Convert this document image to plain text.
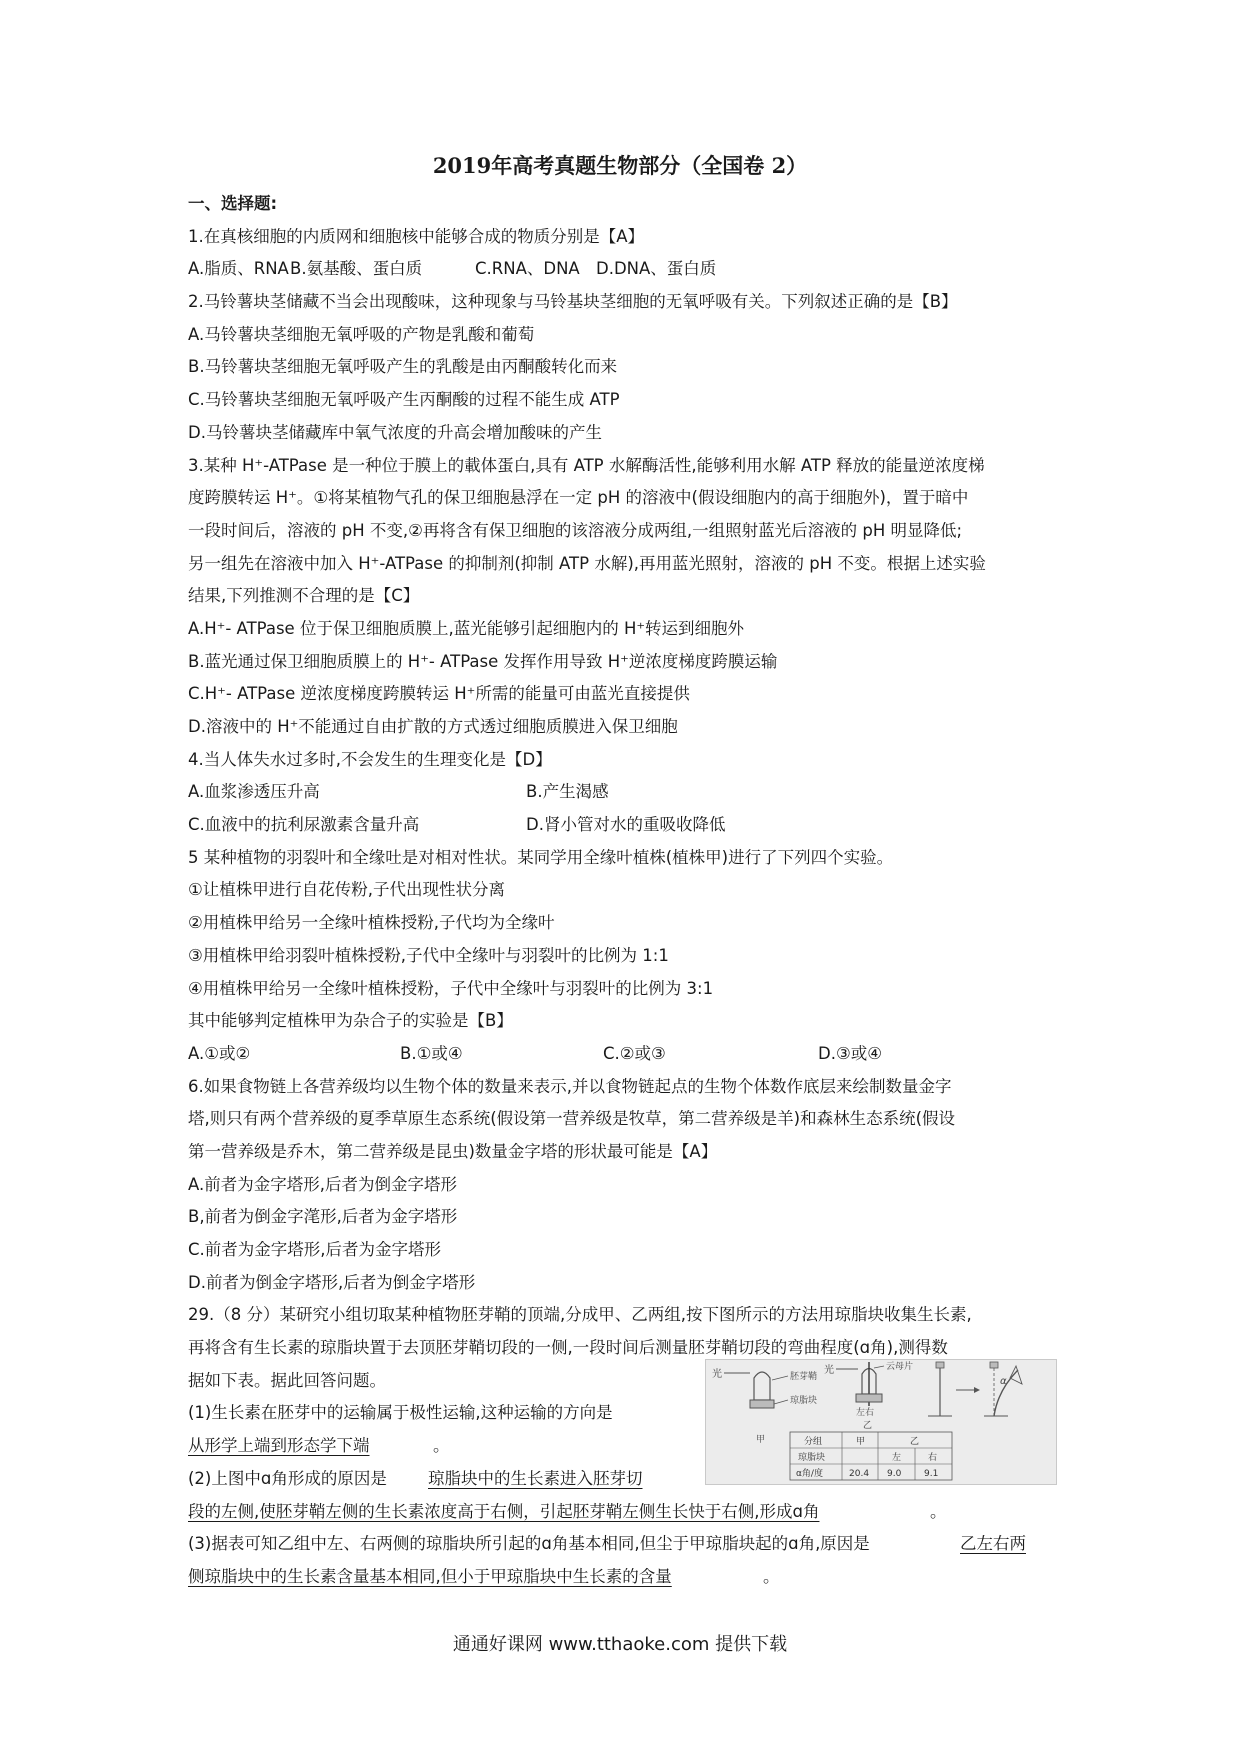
2019年高考真题生物部分（全国卷 2）
一、选择题:
1.在真核细胞的内质网和细胞核中能够合成的物质分别是【A】
A.脂质、RNA B.氨基酸、蛋白质	C.RNA、DNA D.DNA、蛋白质
2.马铃薯块茎储藏不当会出现酸味，这种现象与马铃基块茎细胞的无氧呼吸有关。下列叙述正确的是【B】
A.马铃薯块茎细胞无氧呼吸的产物是乳酸和葡萄
B.马铃薯块茎细胞无氧呼吸产生的乳酸是由丙酮酸转化而来
C.马铃薯块茎细胞无氧呼吸产生丙酮酸的过程不能生成 ATP
D.马铃薯块茎储藏库中氧气浓度的升高会增加酸味的产生
3.某种 H⁺-ATPase 是一种位于膜上的載体蛋白,具有 ATP 水解酶活性,能够利用水解 ATP 释放的能量逆浓度梯
度跨膜转运 H⁺。①将某植物气孔的保卫细胞悬浮在一定 pH 的溶液中(假设细胞内的高于细胞外)，置于暗中
一段时间后，溶液的 pH 不变,②再将含有保卫细胞的该溶液分成两组,一组照射蓝光后溶液的 pH 明显降低;
另一组先在溶液中加入 H⁺-ATPase 的抑制剂(抑制 ATP 水解),再用蓝光照射，溶液的 pH 不变。根据上述实验
结果,下列推测不合理的是【C】
A.H⁺- ATPase 位于保卫细胞质膜上,蓝光能够引起细胞内的 H⁺转运到细胞外
B.蓝光通过保卫细胞质膜上的 H⁺- ATPase 发挥作用导致 H⁺逆浓度梯度跨膜运输
C.H⁺- ATPase 逆浓度梯度跨膜转运 H⁺所需的能量可由蓝光直接提供
D.溶液中的 H⁺不能通过自由扩散的方式透过细胞质膜进入保卫细胞
4.当人体失水过多时,不会发生的生理变化是【D】
A.血浆渗透压升高	B.产生渴感
C.血液中的抗利尿激素含量升高	D.肾小管对水的重吸收降低
5 某种植物的羽裂叶和全缘吐是对相对性状。某同学用全缘叶植株(植株甲)进行了下列四个实验。
①让植株甲进行自花传粉,子代出现性状分离
②用植株甲给另一全缘叶植株授粉,子代均为全缘叶
③用植株甲给羽裂叶植株授粉,子代中全缘叶与羽裂叶的比例为 1:1
④用植株甲给另一全缘叶植株授粉，子代中全缘叶与羽裂叶的比例为 3:1
其中能够判定植株甲为杂合子的实验是【B】
A.①或②	B.①或④	C.②或③	D.③或④
6.如果食物链上各营养级均以生物个体的数量来表示,并以食物链起点的生物个体数作底层来绘制数量金字
塔,则只有两个营养级的夏季草原生态系统(假设第一营养级是牧草，第二营养级是羊)和森林生态系统(假设
第一营养级是乔木，第二营养级是昆虫)数量金字塔的形状最可能是【A】
A.前者为金字塔形,后者为倒金字塔形
B,前者为倒金字滗形,后者为金字塔形
C.前者为金字塔形,后者为金字塔形
D.前者为倒金字塔形,后者为倒金字塔形
29.（8 分）某研究小组切取某种植物胚芽鞘的顶端,分成甲、乙两组,按下图所示的方法用琼脂块收集生长素,
再将含有生长素的琼脂块置于去顶胚芽鞘切段的一侧,一段时间后测量胚芽鞘切段的弯曲程度(ɑ角),测得数
据如下表。据此回答问题。
(1)生长素在胚芽中的运输属于极性运输,这种运输的方向是
从形学上端到形态学下端	。
(2)上图中ɑ角形成的原因是	琼脂块中的生长素进入胚芽切
段的左侧,使胚芽鞘左侧的生长素浓度高于右侧，引起胚芽鞘左侧生长快于右侧,形成ɑ角	。
(3)据表可知乙组中左、右两侧的琼脂块所引起的ɑ角基本相同,但尘于甲琼脂块起的ɑ角,原因是	乙左右两
侧琼脂块中的生长素含量基本相同,但小于甲琼脂块中生长素的含量	。
光	胚芽鞘
琼脂块
甲
光	云母片
左右
乙
α
分组	甲	乙
琼脂块	左	右
α角/度	20.4 9.0	9.1
通通好课网 www.tthaoke.com 提供下载
